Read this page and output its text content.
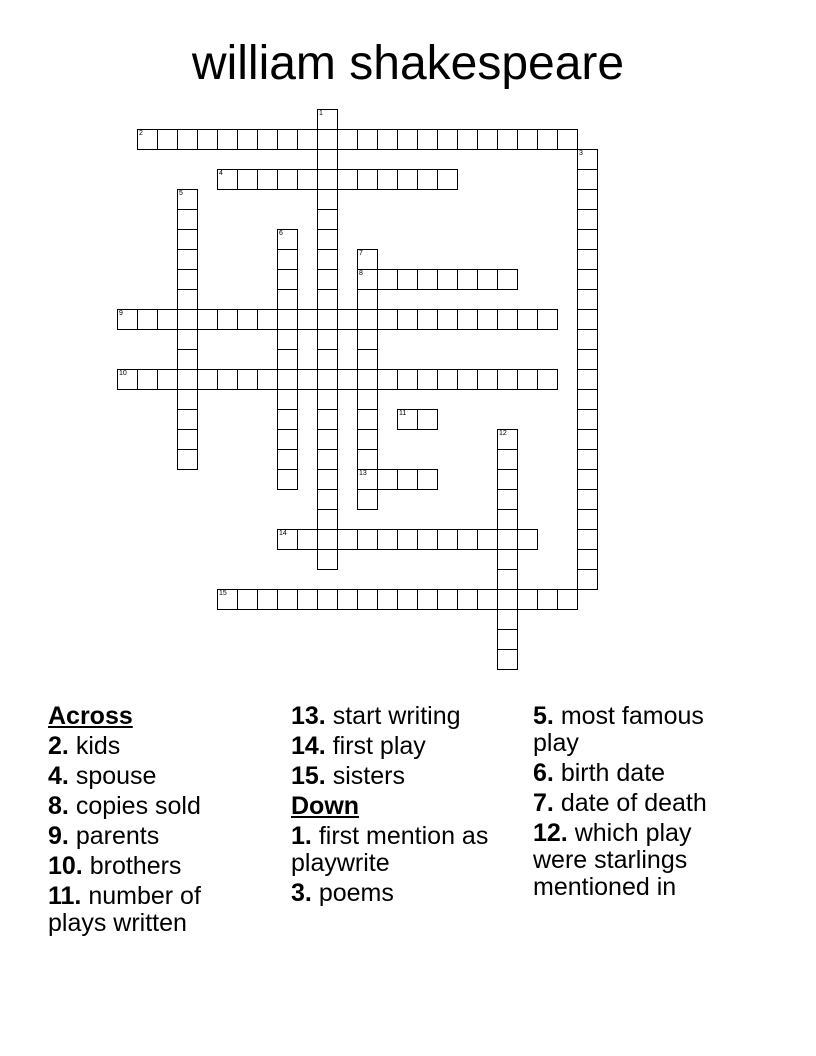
william shakespeare
1
2
3
4
5
6
7
8
13
9
10
11
12
14
15
Across
2. kids
4. spouse
8. copies sold
9. parents
10. brothers
11. number of plays written
13. start writing
14. first play
15. sisters
Down
1. first mention as playwrite
3. poems
5. most famous play
6. birth date
7. date of death
12. which play were starlings mentioned in
